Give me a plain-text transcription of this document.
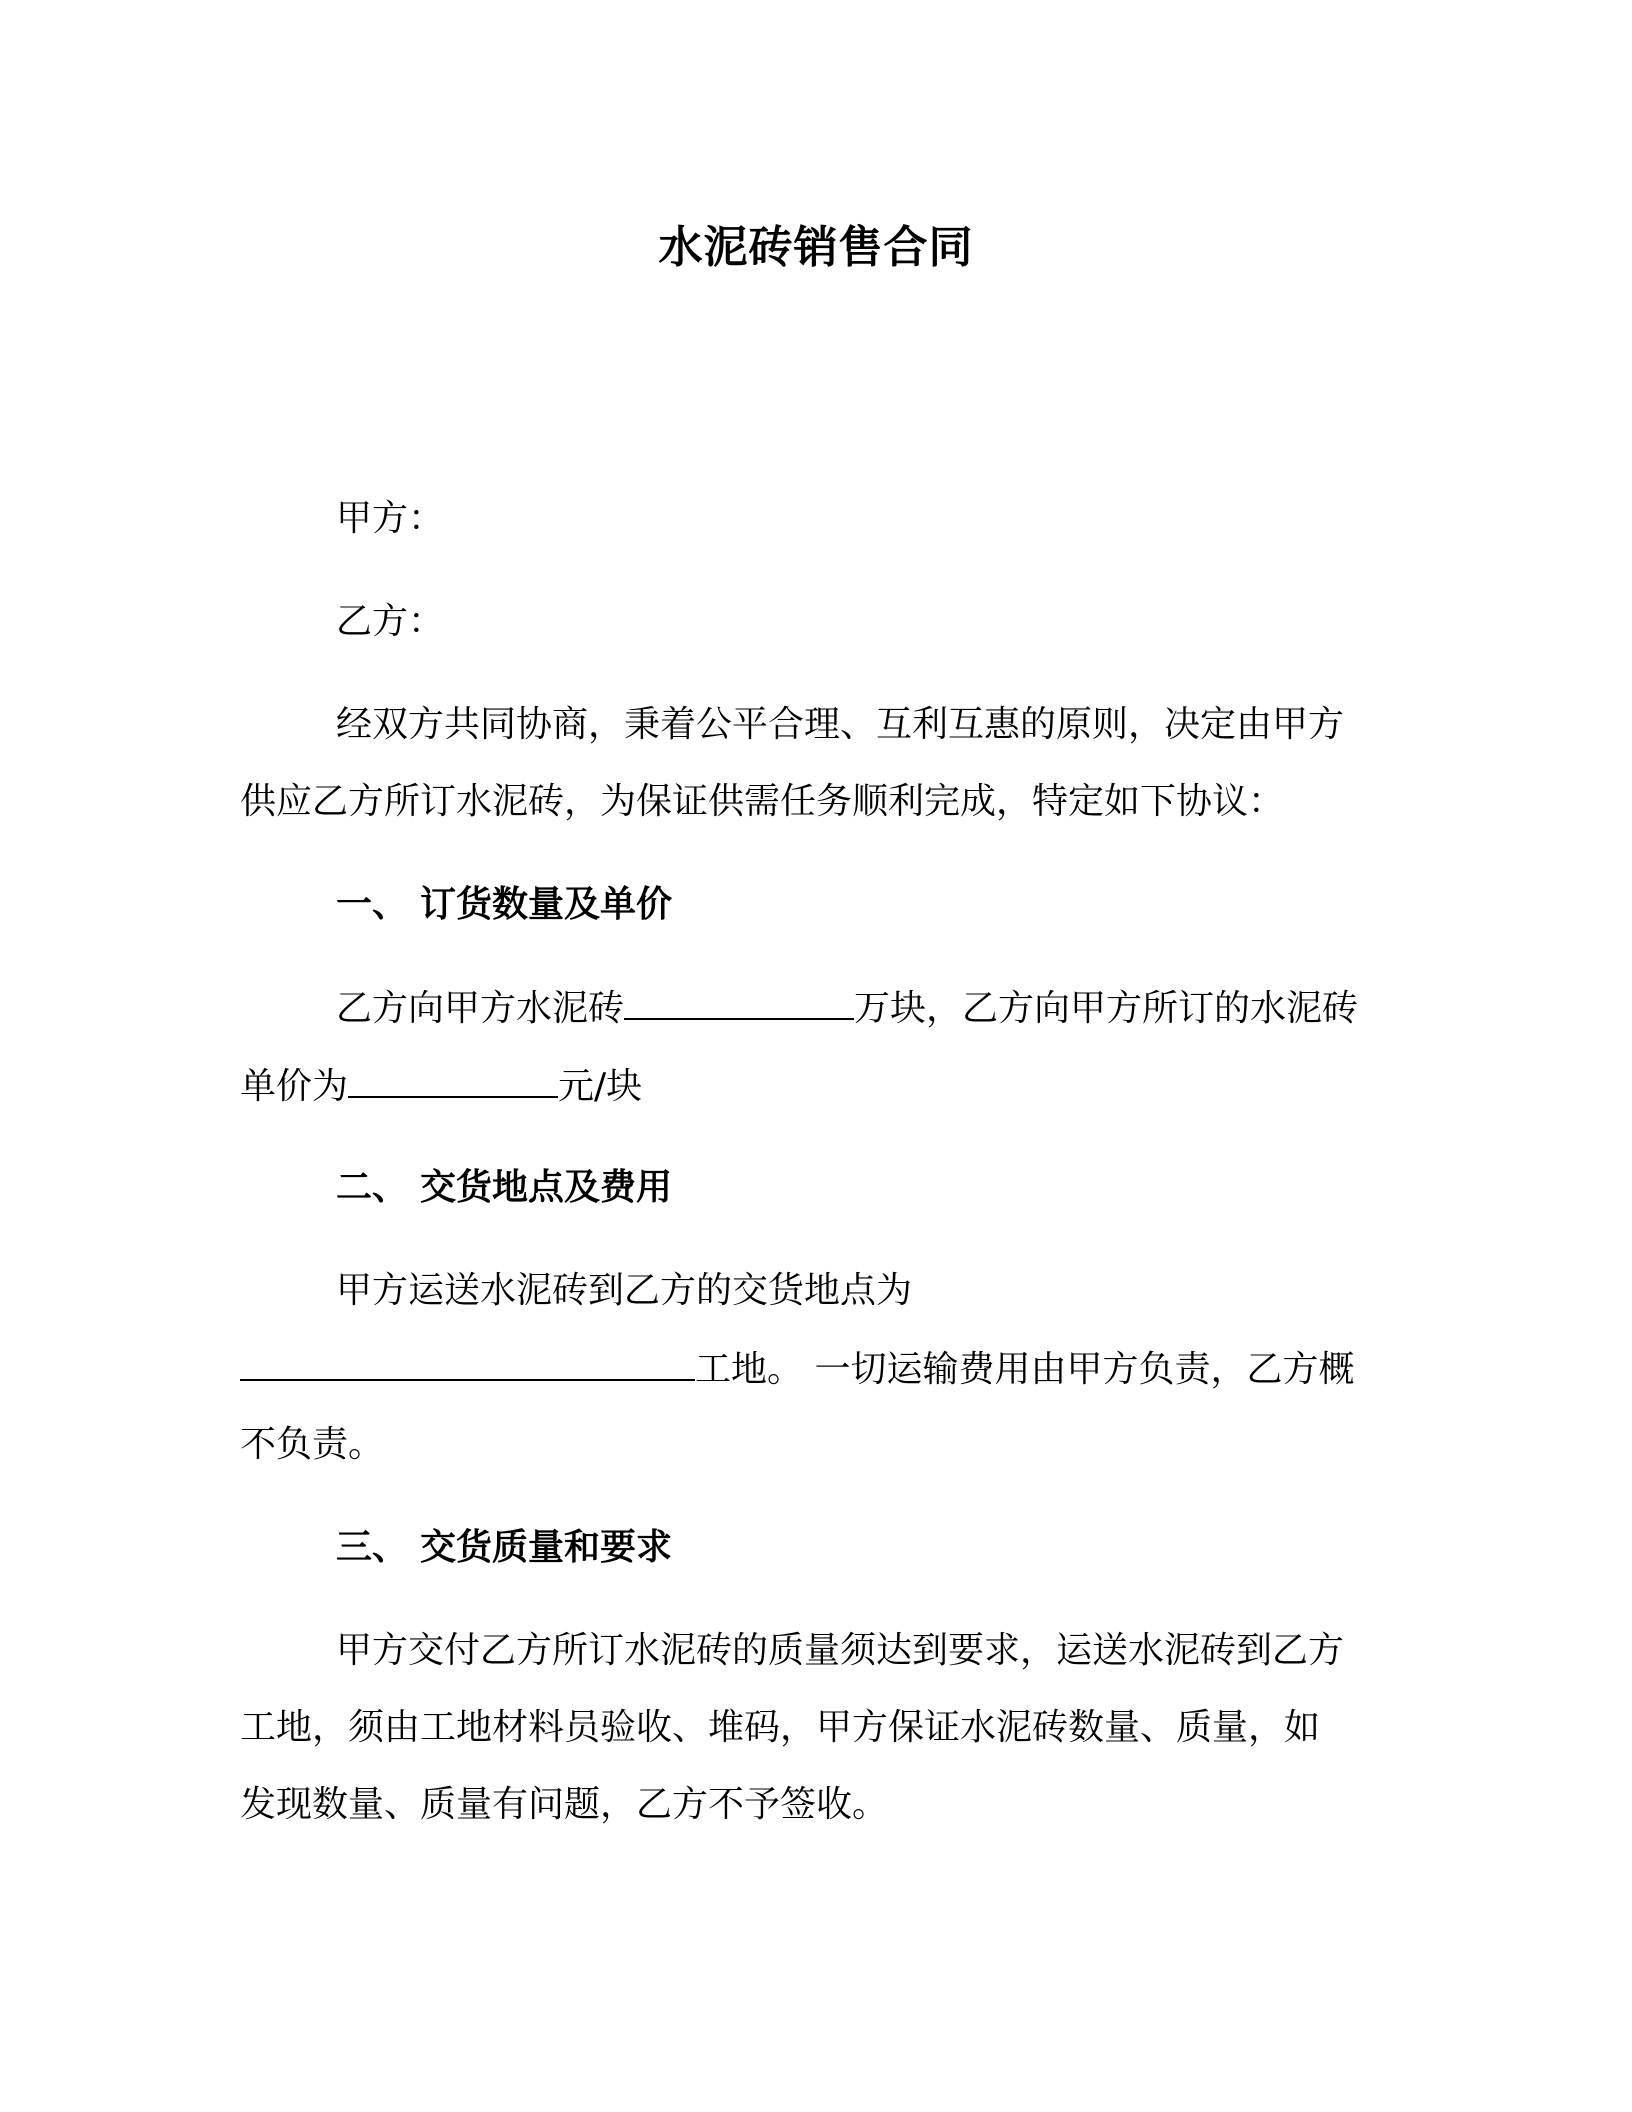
水泥砖销售合同
甲方：
乙方：
经双方共同协商，秉着公平合理、互利互惠的原则，决定由甲方
供应乙方所订水泥砖，为保证供需任务顺利完成，特定如下协议：
一、 订货数量及单价
乙方向甲方水泥砖	万块，乙方向甲方所订的水泥砖
单价为	元/块
二、 交货地点及费用
甲方运送水泥砖到乙方的交货地点为
工地。 一切运输费用由甲方负责，乙方概
不负责。
三、 交货质量和要求
甲方交付乙方所订水泥砖的质量须达到要求，运送水泥砖到乙方
工地，须由工地材料员验收、堆码，甲方保证水泥砖数量、质量，如
发现数量、质量有问题，乙方不予签收。
